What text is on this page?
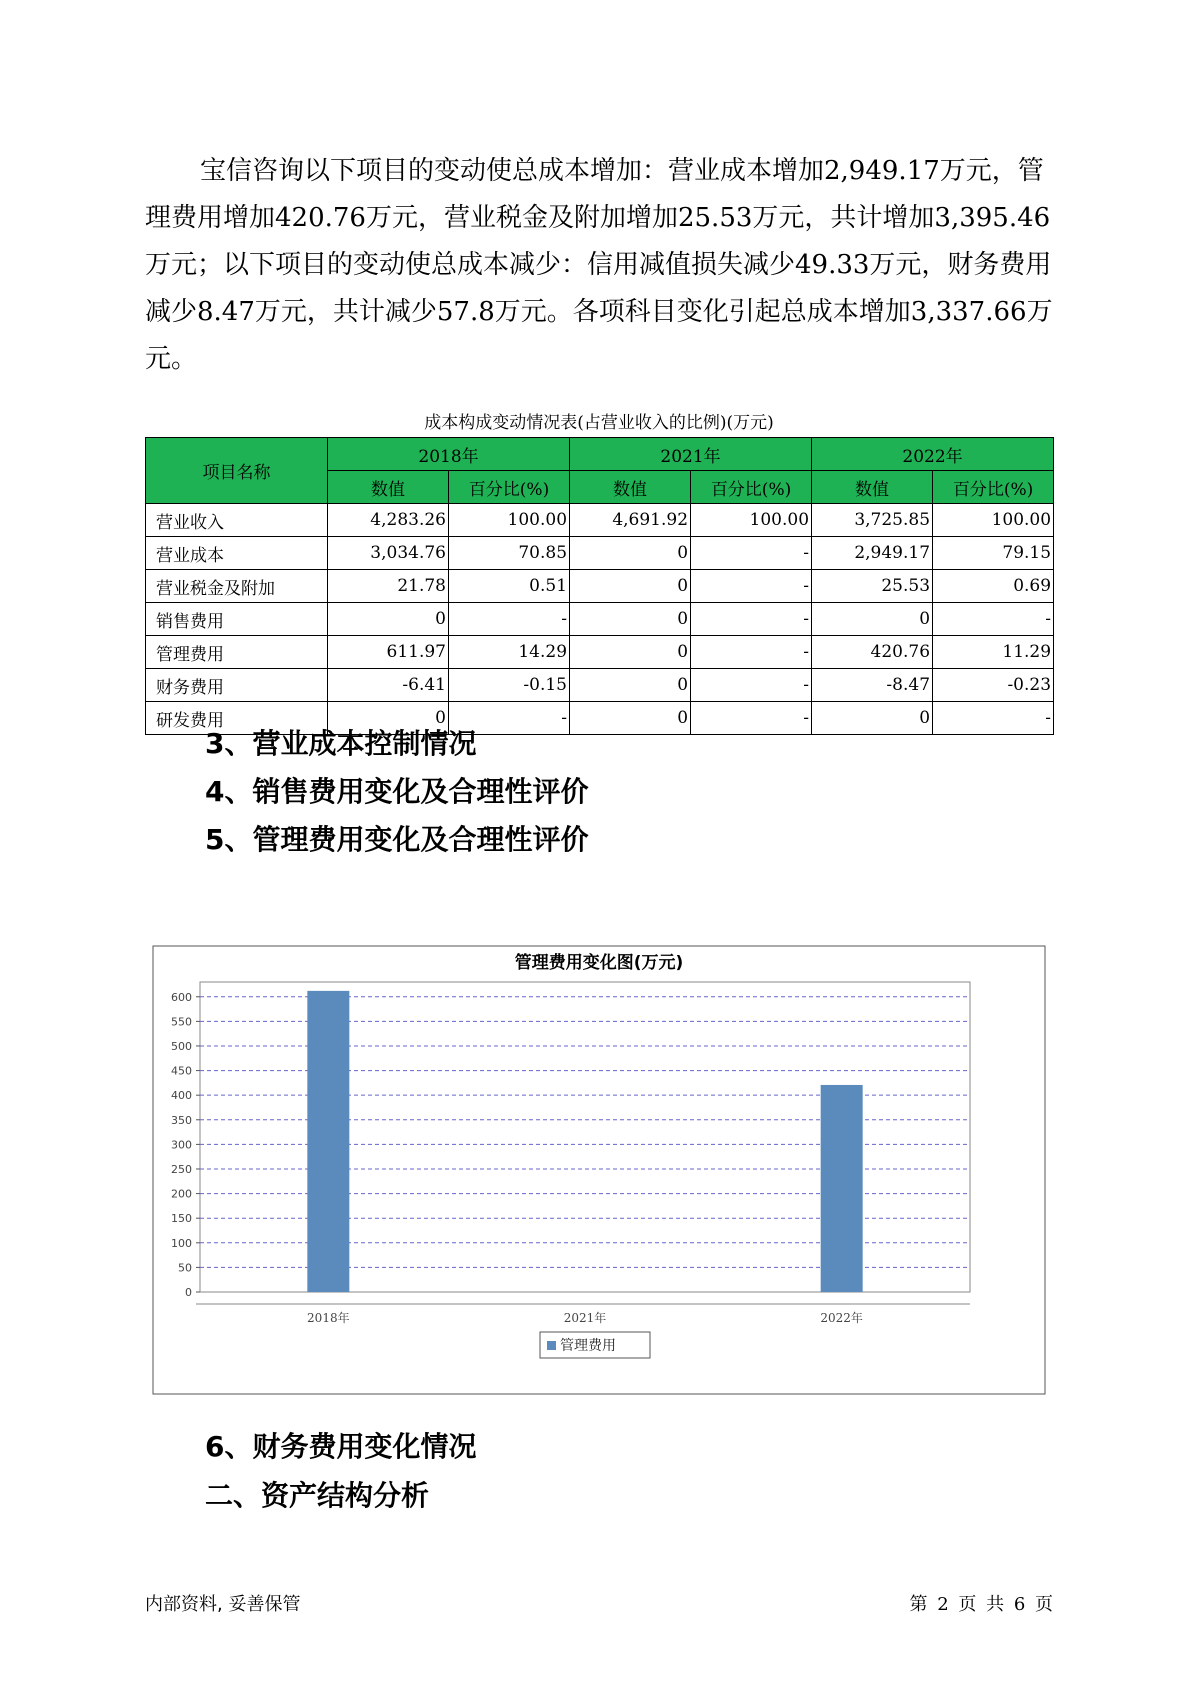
宝信咨询以下项目的变动使总成本增加：营业成本增加2,949.17万元，管理费用增加420.76万元，营业税金及附加增加25.53万元，共计增加3,395.46万元；以下项目的变动使总成本减少：信用减值损失减少49.33万元，财务费用减少8.47万元，共计减少57.8万元。各项科目变化引起总成本增加3,337.66万元。
成本构成变动情况表(占营业收入的比例)(万元)
项目名称	2018年		2021年		2022年	
	数值	百分比(%)	数值	百分比(%)	数值	百分比(%)
营业收入	4,283.26	100.00	4,691.92	100.00	3,725.85	100.00
营业成本	3,034.76	70.85	0	-	2,949.17	79.15
营业税金及附加	21.78	0.51	0	-	25.53	0.69
销售费用	0	-	0	-	0	-
管理费用	611.97	14.29	0	-	420.76	11.29
财务费用	-6.41	-0.15	0	-	-8.47	-0.23
研发费用	0	-	0	-	0	-
3、营业成本控制情况
4、销售费用变化及合理性评价
5、管理费用变化及合理性评价
管理费用变化图(万元)
0
50
100
150
200
250
300
350
400
450
500
550
600
2018年	2021年	2022年
管理费用
6、财务费用变化情况
二、资产结构分析
内部资料, 妥善保管	第 2 页 共 6 页
